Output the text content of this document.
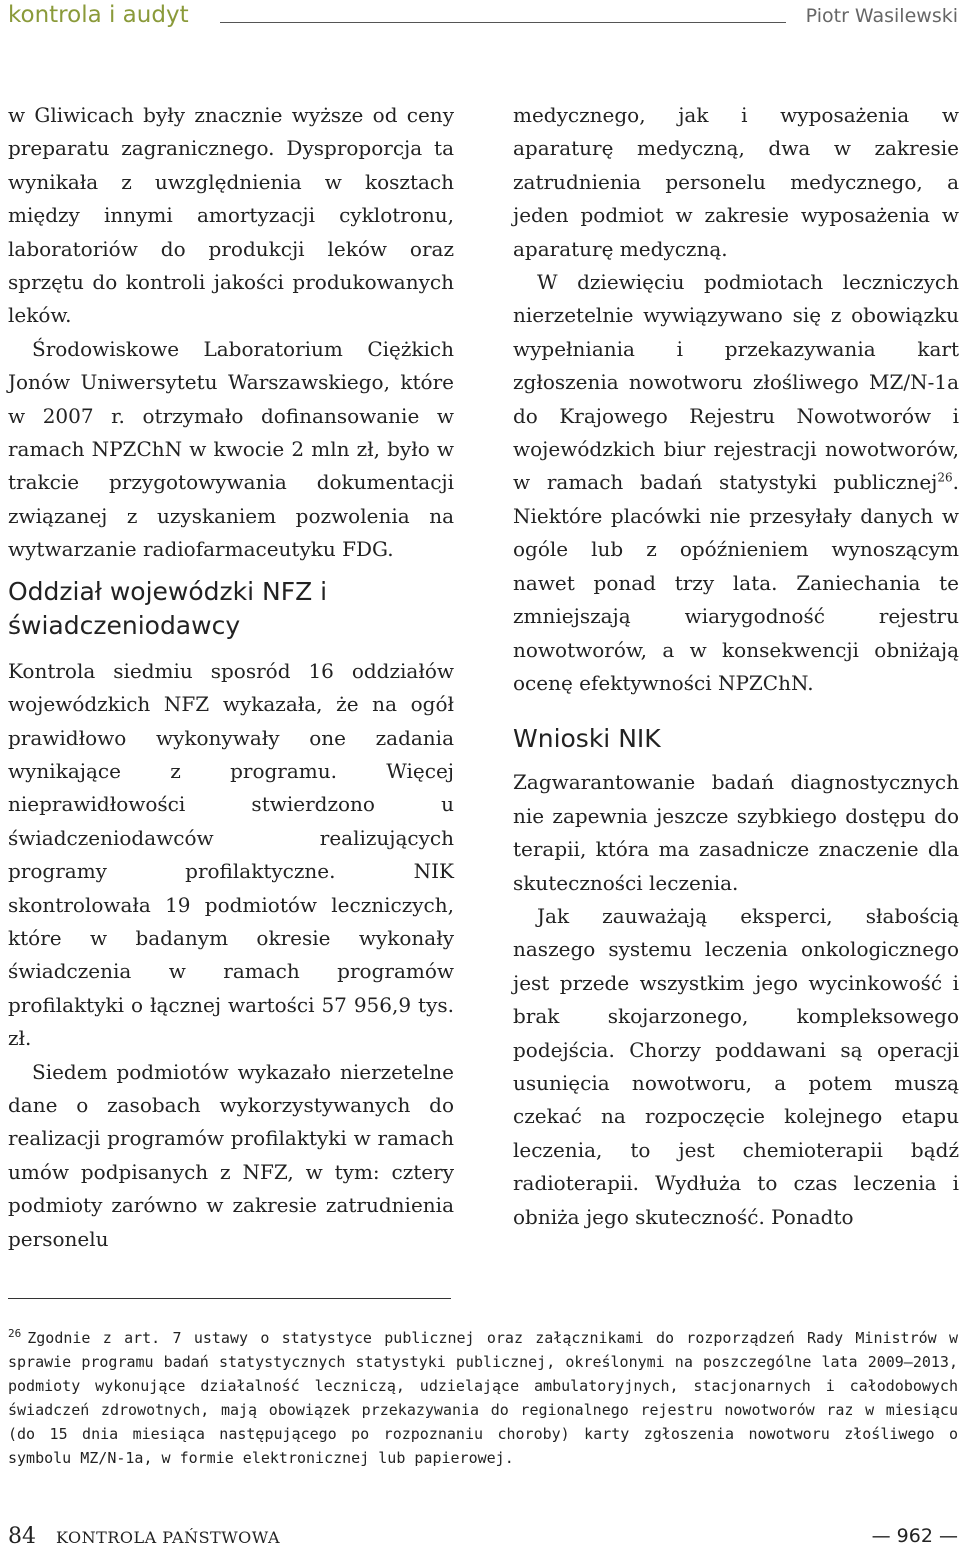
kontrola i audyt	Piotr Wasilewski

w Gliwicach były znacznie wyższe od ceny preparatu zagranicznego. Dysproporcja ta wynikała z uwzględnienia w kosztach między innymi amortyzacji cyklotronu, laboratoriów do produkcji leków oraz sprzętu do kontroli jakości produkowanych leków.

Środowiskowe Laboratorium Ciężkich Jonów Uniwersytetu Warszawskiego, które w 2007 r. otrzymało dofinansowanie w ramach NPZChN w kwocie 2 mln zł, było w trakcie przygotowywania dokumentacji związanej z uzyskaniem pozwolenia na wytwarzanie radiofarmaceutyku FDG.

Oddział wojewódzki NFZ i świadczeniodawcy

Kontrola siedmiu sposród 16 oddziałów wojewódzkich NFZ wykazała, że na ogół prawidłowo wykonywały one zadania wynikające z programu. Więcej nieprawidłowości stwierdzono u świadczeniodawców realizujących programy profilaktyczne. NIK skontrolowała 19 podmiotów leczniczych, które w badanym okresie wykonały świadczenia w ramach programów profilaktyki o łącznej wartości 57 956,9 tys. zł.

Siedem podmiotów wykazało nierzetelne dane o zasobach wykorzystywanych do realizacji programów profilaktyki w ramach umów podpisanych z NFZ, w tym: cztery podmioty zarówno w zakresie zatrudnienia personelu

medycznego, jak i wyposażenia w aparaturę medyczną, dwa w zakresie zatrudnienia personelu medycznego, a jeden podmiot w zakresie wyposażenia w aparaturę medyczną.

W dziewięciu podmiotach leczniczych nierzetelnie wywiązywano się z obowiązku wypełniania i przekazywania kart zgłoszenia nowotworu złośliwego MZ/N-1a do Krajowego Rejestru Nowotworów i wojewódzkich biur rejestracji nowotworów, w ramach badań statystyki publicznej$^{26}$. Niektóre placówki nie przesyłały danych w ogóle lub z opóźnieniem wynoszącym nawet ponad trzy lata. Zaniechania te zmniejszają wiarygodność rejestru nowotworów, a w konsekwencji obniżają ocenę efektywności NPZChN.

Wnioski NIK

Zagwarantowanie badań diagnostycznych nie zapewnia jeszcze szybkiego dostępu do terapii, która ma zasadnicze znaczenie dla skuteczności leczenia.

Jak zauważają eksperci, słabością naszego systemu leczenia onkologicznego jest przede wszystkim jego wycinkowość i brak skojarzonego, kompleksowego podejścia. Chorzy poddawani są operacji usunięcia nowotworu, a potem muszą czekać na rozpoczęcie kolejnego etapu leczenia, to jest chemioterapii bądź radioterapii. Wydłuża to czas leczenia i obniża jego skuteczność. Ponadto

$^{26}$ Zgodnie z art. 7 ustawy o statystyce publicznej oraz załącznikami do rozporządzeń Rady Ministrów w sprawie programu badań statystycznych statystyki publicznej, określonymi na poszczególne lata 2009–2013, podmioty wykonujące działalność leczniczą, udzielające ambulatoryjnych, stacjonarnych i całodobowych świadczeń zdrowotnych, mają obowiązek przekazywania do regionalnego rejestru nowotworów raz w miesiącu (do 15 dnia miesiąca następującego po rozpoznaniu choroby) karty zgłoszenia nowotworu złośliwego o symbolu MZ/N-1a, w formie elektronicznej lub papierowej.
84 KONTROLA PAŃSTWOWA	— 962 —
